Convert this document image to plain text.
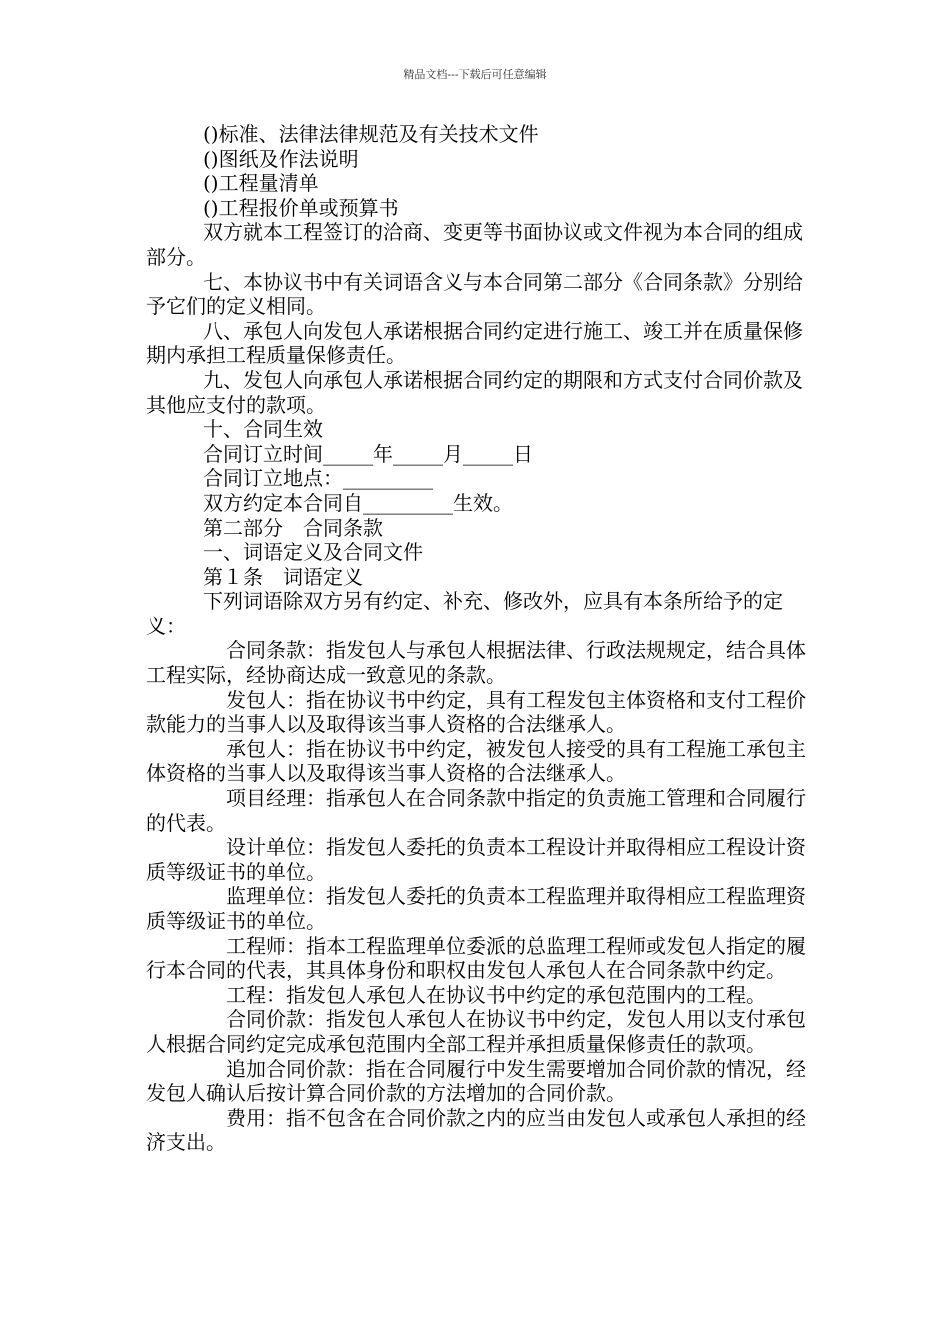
精品文档---下载后可任意编辑

()标准、法律法律规范及有关技术文件

()图纸及作法说明

()工程量清单

()工程报价单或预算书

双方就本工程签订的洽商、变更等书面协议或文件视为本合同的组成部分。

七、本协议书中有关词语含义与本合同第二部分《合同条款》分别给予它们的定义相同。

八、承包人向发包人承诺根据合同约定进行施工、竣工并在质量保修期内承担工程质量保修责任。

九、发包人向承包人承诺根据合同约定的期限和方式支付合同价款及其他应支付的款项。

十、合同生效

合同订立时间_____年_____月_____日

合同订立地点：_________

双方约定本合同自_________生效。

第二部分　合同条款

一、词语定义及合同文件

第１条　词语定义

下列词语除双方另有约定、补充、修改外，应具有本条所给予的定义：

合同条款：指发包人与承包人根据法律、行政法规规定，结合具体工程实际，经协商达成一致意见的条款。

发包人：指在协议书中约定，具有工程发包主体资格和支付工程价款能力的当事人以及取得该当事人资格的合法继承人。

承包人：指在协议书中约定，被发包人接受的具有工程施工承包主体资格的当事人以及取得该当事人资格的合法继承人。

项目经理：指承包人在合同条款中指定的负责施工管理和合同履行的代表。

设计单位：指发包人委托的负责本工程设计并取得相应工程设计资质等级证书的单位。

监理单位：指发包人委托的负责本工程监理并取得相应工程监理资质等级证书的单位。

工程师：指本工程监理单位委派的总监理工程师或发包人指定的履行本合同的代表，其具体身份和职权由发包人承包人在合同条款中约定。

工程：指发包人承包人在协议书中约定的承包范围内的工程。

合同价款：指发包人承包人在协议书中约定，发包人用以支付承包人根据合同约定完成承包范围内全部工程并承担质量保修责任的款项。

追加合同价款：指在合同履行中发生需要增加合同价款的情况，经发包人确认后按计算合同价款的方法增加的合同价款。

费用：指不包含在合同价款之内的应当由发包人或承包人承担的经济支出。
